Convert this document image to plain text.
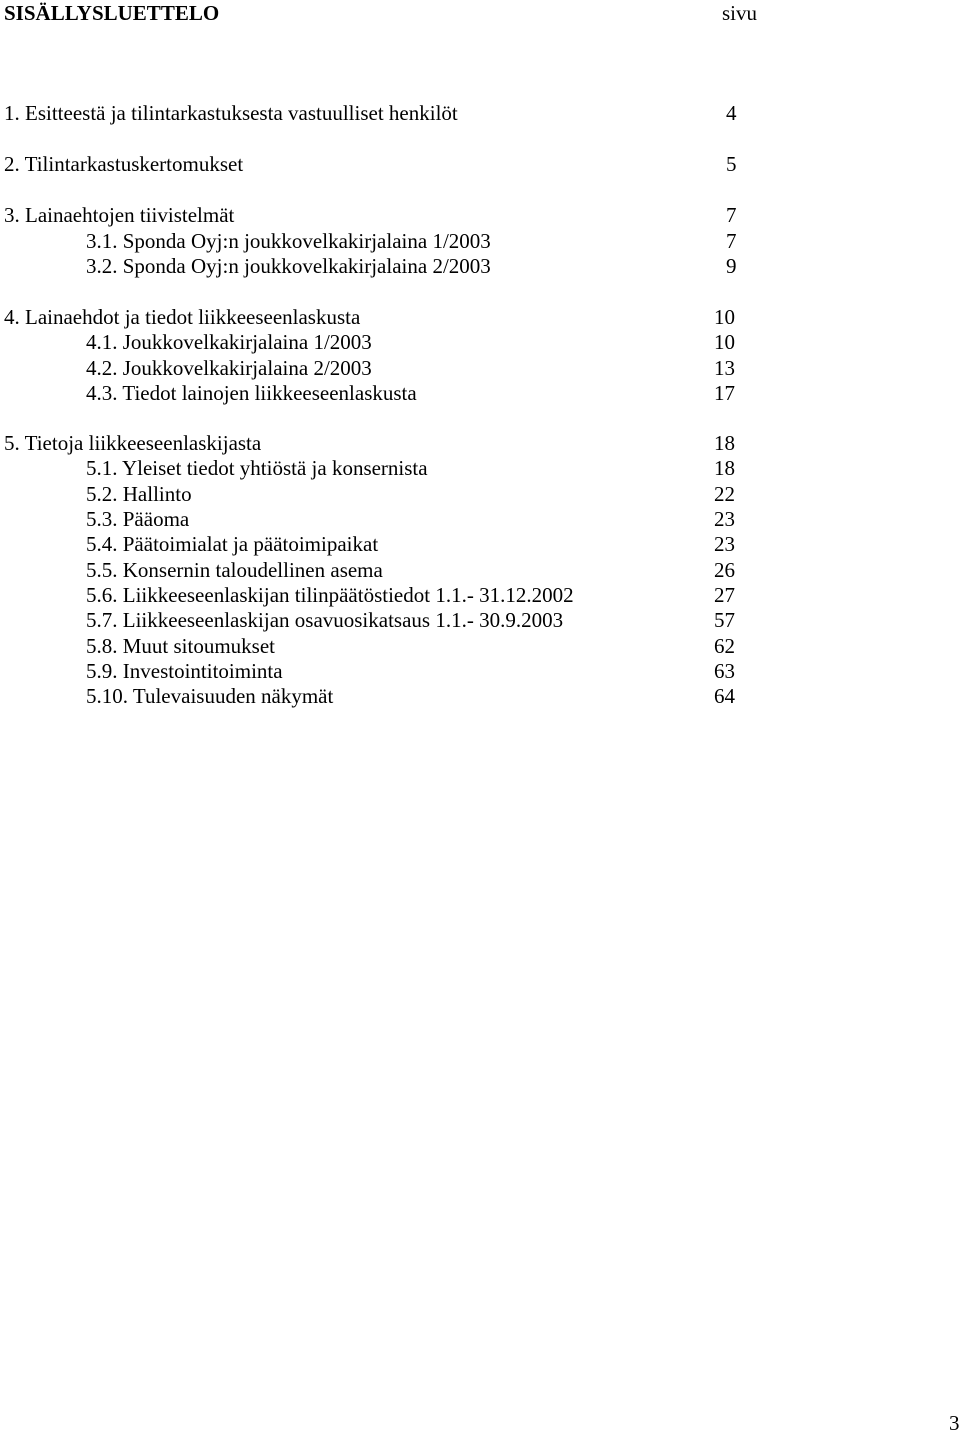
SISÄLLYSLUETTELO	sivu
1. Esitteestä ja tilintarkastuksesta vastuulliset henkilöt	4
2. Tilintarkastuskertomukset	5
3. Lainaehtojen tiivistelmät	7
3.1. Sponda Oyj:n joukkovelkakirjalaina 1/2003	7
3.2. Sponda Oyj:n joukkovelkakirjalaina 2/2003	9
4. Lainaehdot ja tiedot liikkeeseenlaskusta	10
4.1. Joukkovelkakirjalaina 1/2003	10
4.2. Joukkovelkakirjalaina 2/2003	13
4.3. Tiedot lainojen liikkeeseenlaskusta	17
5. Tietoja liikkeeseenlaskijasta	18
5.1. Yleiset tiedot yhtiöstä ja konsernista	18
5.2. Hallinto	22
5.3. Pääoma	23
5.4. Päätoimialat ja päätoimipaikat	23
5.5. Konsernin taloudellinen asema	26
5.6. Liikkeeseenlaskijan tilinpäätöstiedot 1.1.- 31.12.2002	27
5.7. Liikkeeseenlaskijan osavuosikatsaus 1.1.- 30.9.2003	57
5.8. Muut sitoumukset	62
5.9. Investointitoiminta	63
5.10. Tulevaisuuden näkymät	64
3
